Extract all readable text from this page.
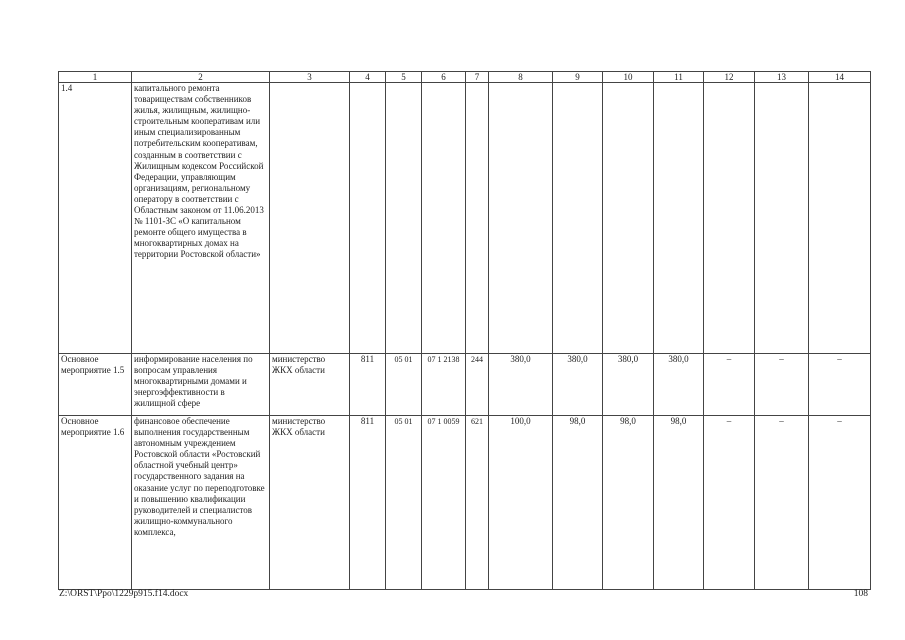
1	2	3	4	5	6	7	8	9	10	11	12	13	14
1.4	капитального ремонта товариществам собственников жилья, жилищным, жилищно-строительным кооперативам или иным специализированным потребительским кооперативам, созданным в соответствии с Жилищным кодексом Российской Федерации, управляющим организациям, региональному оператору в соответствии с Областным законом от 11.06.2013 № 1101-ЗС «О капитальном ремонте общего имущества в многоквартирных домах на территории Ростовской области»												
Основное мероприятие 1.5	информирование населения по вопросам управления многоквартирными домами и энергоэффективности в жилищной сфере	министерство ЖКХ области	811	05 01	07 1 2138	244	380,0	380,0	380,0	380,0	–	–	–
Основное мероприятие 1.6	финансовое обеспечение выполнения государственным автономным учреждением Ростовской области «Ростовский областной учебный центр» государственного задания на оказание услуг по переподготовке и повышению квалификации руководителей и специалистов жилищно-коммунального комплекса,	министерство ЖКХ области	811	05 01	07 1 0059	621	100,0	98,0	98,0	98,0	–	–	–
Z:\ORST\Ppo\1229p915.f14.docx	108
